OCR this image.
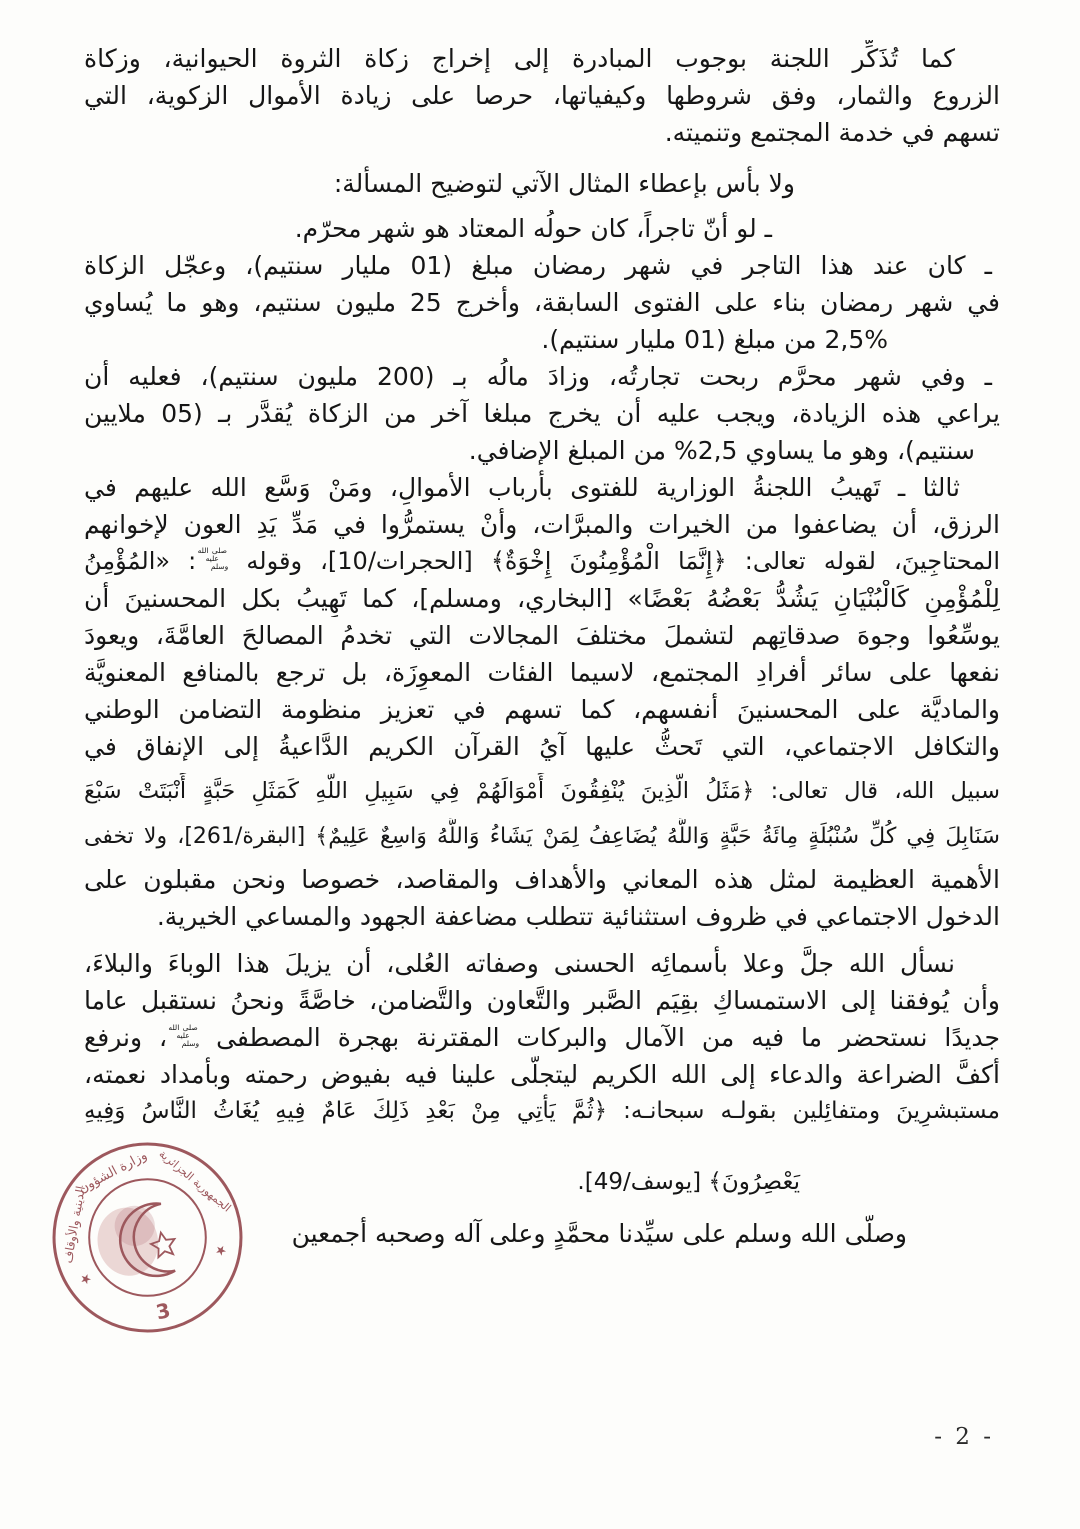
كما تُذَكِّر اللجنة بوجوب المبادرة إلى إخراج زكاة الثروة الحيوانية، وزكاة
الزروع والثمار، وفق شروطها وكيفياتها، حرصا على زيادة الأموال الزكوية، التي
تسهم في خدمة المجتمع وتنميته.
ولا بأس بإعطاء المثال الآتي لتوضيح المسألة:
ـ لو أنّ تاجراً، كان حولُه المعتاد هو شهر محرّم.
ـ كان عند هذا التاجر في شهر رمضان مبلغ (01 مليار سنتيم)، وعجّل الزكاة
في شهر رمضان بناء على الفتوى السابقة، وأخرج 25 مليون سنتيم، وهو ما يُساوي
2,5% من مبلغ (01 مليار سنتيم).
ـ وفي شهر محرَّم ربحت تجارتُه، وزادَ مالُه بـ (200 مليون سنتيم)، فعليه أن
يراعي هذه الزيادة، ويجب عليه أن يخرج مبلغا آخر من الزكاة يُقدَّر بـ (05 ملايين
سنتيم)، وهو ما يساوي 2,5% من المبلغ الإضافي.
ثالثا ـ تَهيبُ اللجنةُ الوزارية للفتوى بأرباب الأموالِ، ومَنْ وَسَّع الله عليهم في
الرزق، أن يضاعفوا من الخيرات والمبرَّات، وأنْ يستمرُّوا في مَدِّ يَدِ العون لإخوانهم
المحتاجِينَ، لقوله تعالى: ﴿إِنَّمَا الْمُؤْمِنُونَ إِخْوَةٌ﴾ [الحجرات/10]، وقوله صلى الله عليه وسلم: «المُؤْمِنُ
لِلْمُؤْمِنِ كَالْبُنْيَانِ يَشُدُّ بَعْضُهُ بَعْضًا» [البخاري، ومسلم]، كما تَهِيبُ بكل المحسنينَ أن
يوسِّعُوا وجوهَ صدقاتِهم لتشملَ مختلفَ المجالات التي تخدمُ المصالحَ العامَّةَ، ويعودَ
نفعها على سائر أفرادِ المجتمع، لاسيما الفئات المعوِزَة، بل ترجع بالمنافع المعنويَّة
والماديَّة على المحسنينَ أنفسهم، كما تسهم في تعزيز منظومة التضامن الوطني
والتكافل الاجتماعي، التي تَحثُّ عليها آيُ القرآن الكريم الدَّاعيةُ إلى الإنفاق في
سبيل الله، قال تعالى: ﴿مَثَلُ الَّذِينَ يُنْفِقُونَ أَمْوَالَهُمْ فِي سَبِيلِ اللَّهِ كَمَثَلِ حَبَّةٍ أَنْبَتَتْ سَبْعَ
سَنَابِلَ فِي كُلِّ سُنْبُلَةٍ مِائَةُ حَبَّةٍ وَاللَّهُ يُضَاعِفُ لِمَنْ يَشَاءُ وَاللَّهُ وَاسِعٌ عَلِيمٌ﴾ [البقرة/261]، ولا تخفى
الأهمية العظيمة لمثل هذه المعاني والأهداف والمقاصد، خصوصا ونحن مقبلون على
الدخول الاجتماعي في ظروف استثنائية تتطلب مضاعفة الجهود والمساعي الخيرية.
نسأل الله جلَّ وعلا بأسمائِه الحسنى وصفاته العُلى، أن يزيلَ هذا الوباءَ والبلاءَ،
وأن يُوفقنا إلى الاستمساكِ بقِيَم الصَّبر والتَّعاون والتَّضامن، خاصَّةً ونحنُ نستقبل عاما
جديدًا نستحضر ما فيه من الآمال والبركات المقترنة بهجرة المصطفى صلى الله عليه وسلم، ونرفع
أكفَّ الضراعة والدعاء إلى الله الكريم ليتجلَّى علينا فيه بفيوض رحمته وبأمداد نعمته،
مستبشرِينَ ومتفائِلين بقولـه سبحانـه: ﴿ثُمَّ يَأْتِي مِنْ بَعْدِ ذَلِكَ عَامٌ فِيهِ يُغَاثُ النَّاسُ وَفِيهِ
يَعْصِرُونَ﴾ [يوسف/49].
وصلَّى الله وسلم على سيِّدنا محمَّدٍ وعلى آله وصحبه أجمعين
وزارة الشؤون
الدينية والأوقاف
الجمهورية الجزائرية
★
★
3
- 2 -
